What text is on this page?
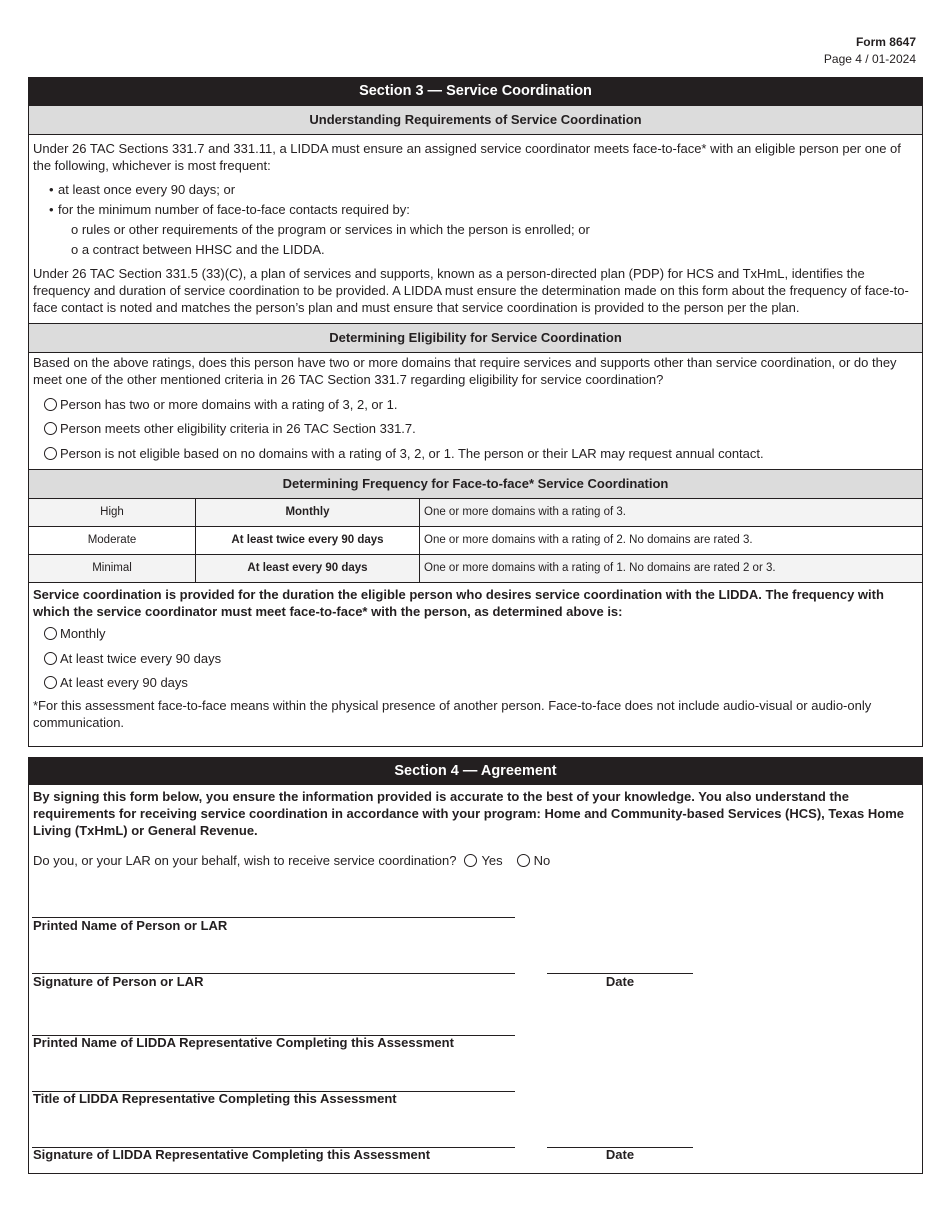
Form 8647
Page 4 / 01-2024
Section 3 — Service Coordination
Understanding Requirements of Service Coordination
Under 26 TAC Sections 331.7 and 331.11, a LIDDA must ensure an assigned service coordinator meets face-to-face* with an eligible person per one of the following, whichever is most frequent:
• at least once every 90 days; or
• for the minimum number of face-to-face contacts required by:
o rules or other requirements of the program or services in which the person is enrolled; or
o a contract between HHSC and the LIDDA.
Under 26 TAC Section 331.5 (33)(C), a plan of services and supports, known as a person-directed plan (PDP) for HCS and TxHmL, identifies the frequency and duration of service coordination to be provided. A LIDDA must ensure the determination made on this form about the frequency of face-to-face contact is noted and matches the person’s plan and must ensure that service coordination is provided to the person per the plan.
Determining Eligibility for Service Coordination
Based on the above ratings, does this person have two or more domains that require services and supports other than service coordination, or do they meet one of the other mentioned criteria in 26 TAC Section 331.7 regarding eligibility for service coordination?
Person has two or more domains with a rating of 3, 2, or 1.
Person meets other eligibility criteria in 26 TAC Section 331.7.
Person is not eligible based on no domains with a rating of 3, 2, or 1. The person or their LAR may request annual contact.
Determining Frequency for Face-to-face* Service Coordination
High	Monthly	One or more domains with a rating of 3.
Moderate	At least twice every 90 days	One or more domains with a rating of 2. No domains are rated 3.
Minimal	At least every 90 days	One or more domains with a rating of 1. No domains are rated 2 or 3.
Service coordination is provided for the duration the eligible person who desires service coordination with the LIDDA. The frequency with which the service coordinator must meet face-to-face* with the person, as determined above is:
Monthly
At least twice every 90 days
At least every 90 days
*For this assessment face-to-face means within the physical presence of another person. Face-to-face does not include audio-visual or audio-only communication.
Section 4 — Agreement
By signing this form below, you ensure the information provided is accurate to the best of your knowledge. You also understand the requirements for receiving service coordination in accordance with your program: Home and Community-based Services (HCS), Texas Home Living (TxHmL) or General Revenue.
Do you, or your LAR on your behalf, wish to receive service coordination? Yes No
Printed Name of Person or LAR
Signature of Person or LAR	Date
Printed Name of LIDDA Representative Completing this Assessment
Title of LIDDA Representative Completing this Assessment
Signature of LIDDA Representative Completing this Assessment	Date
